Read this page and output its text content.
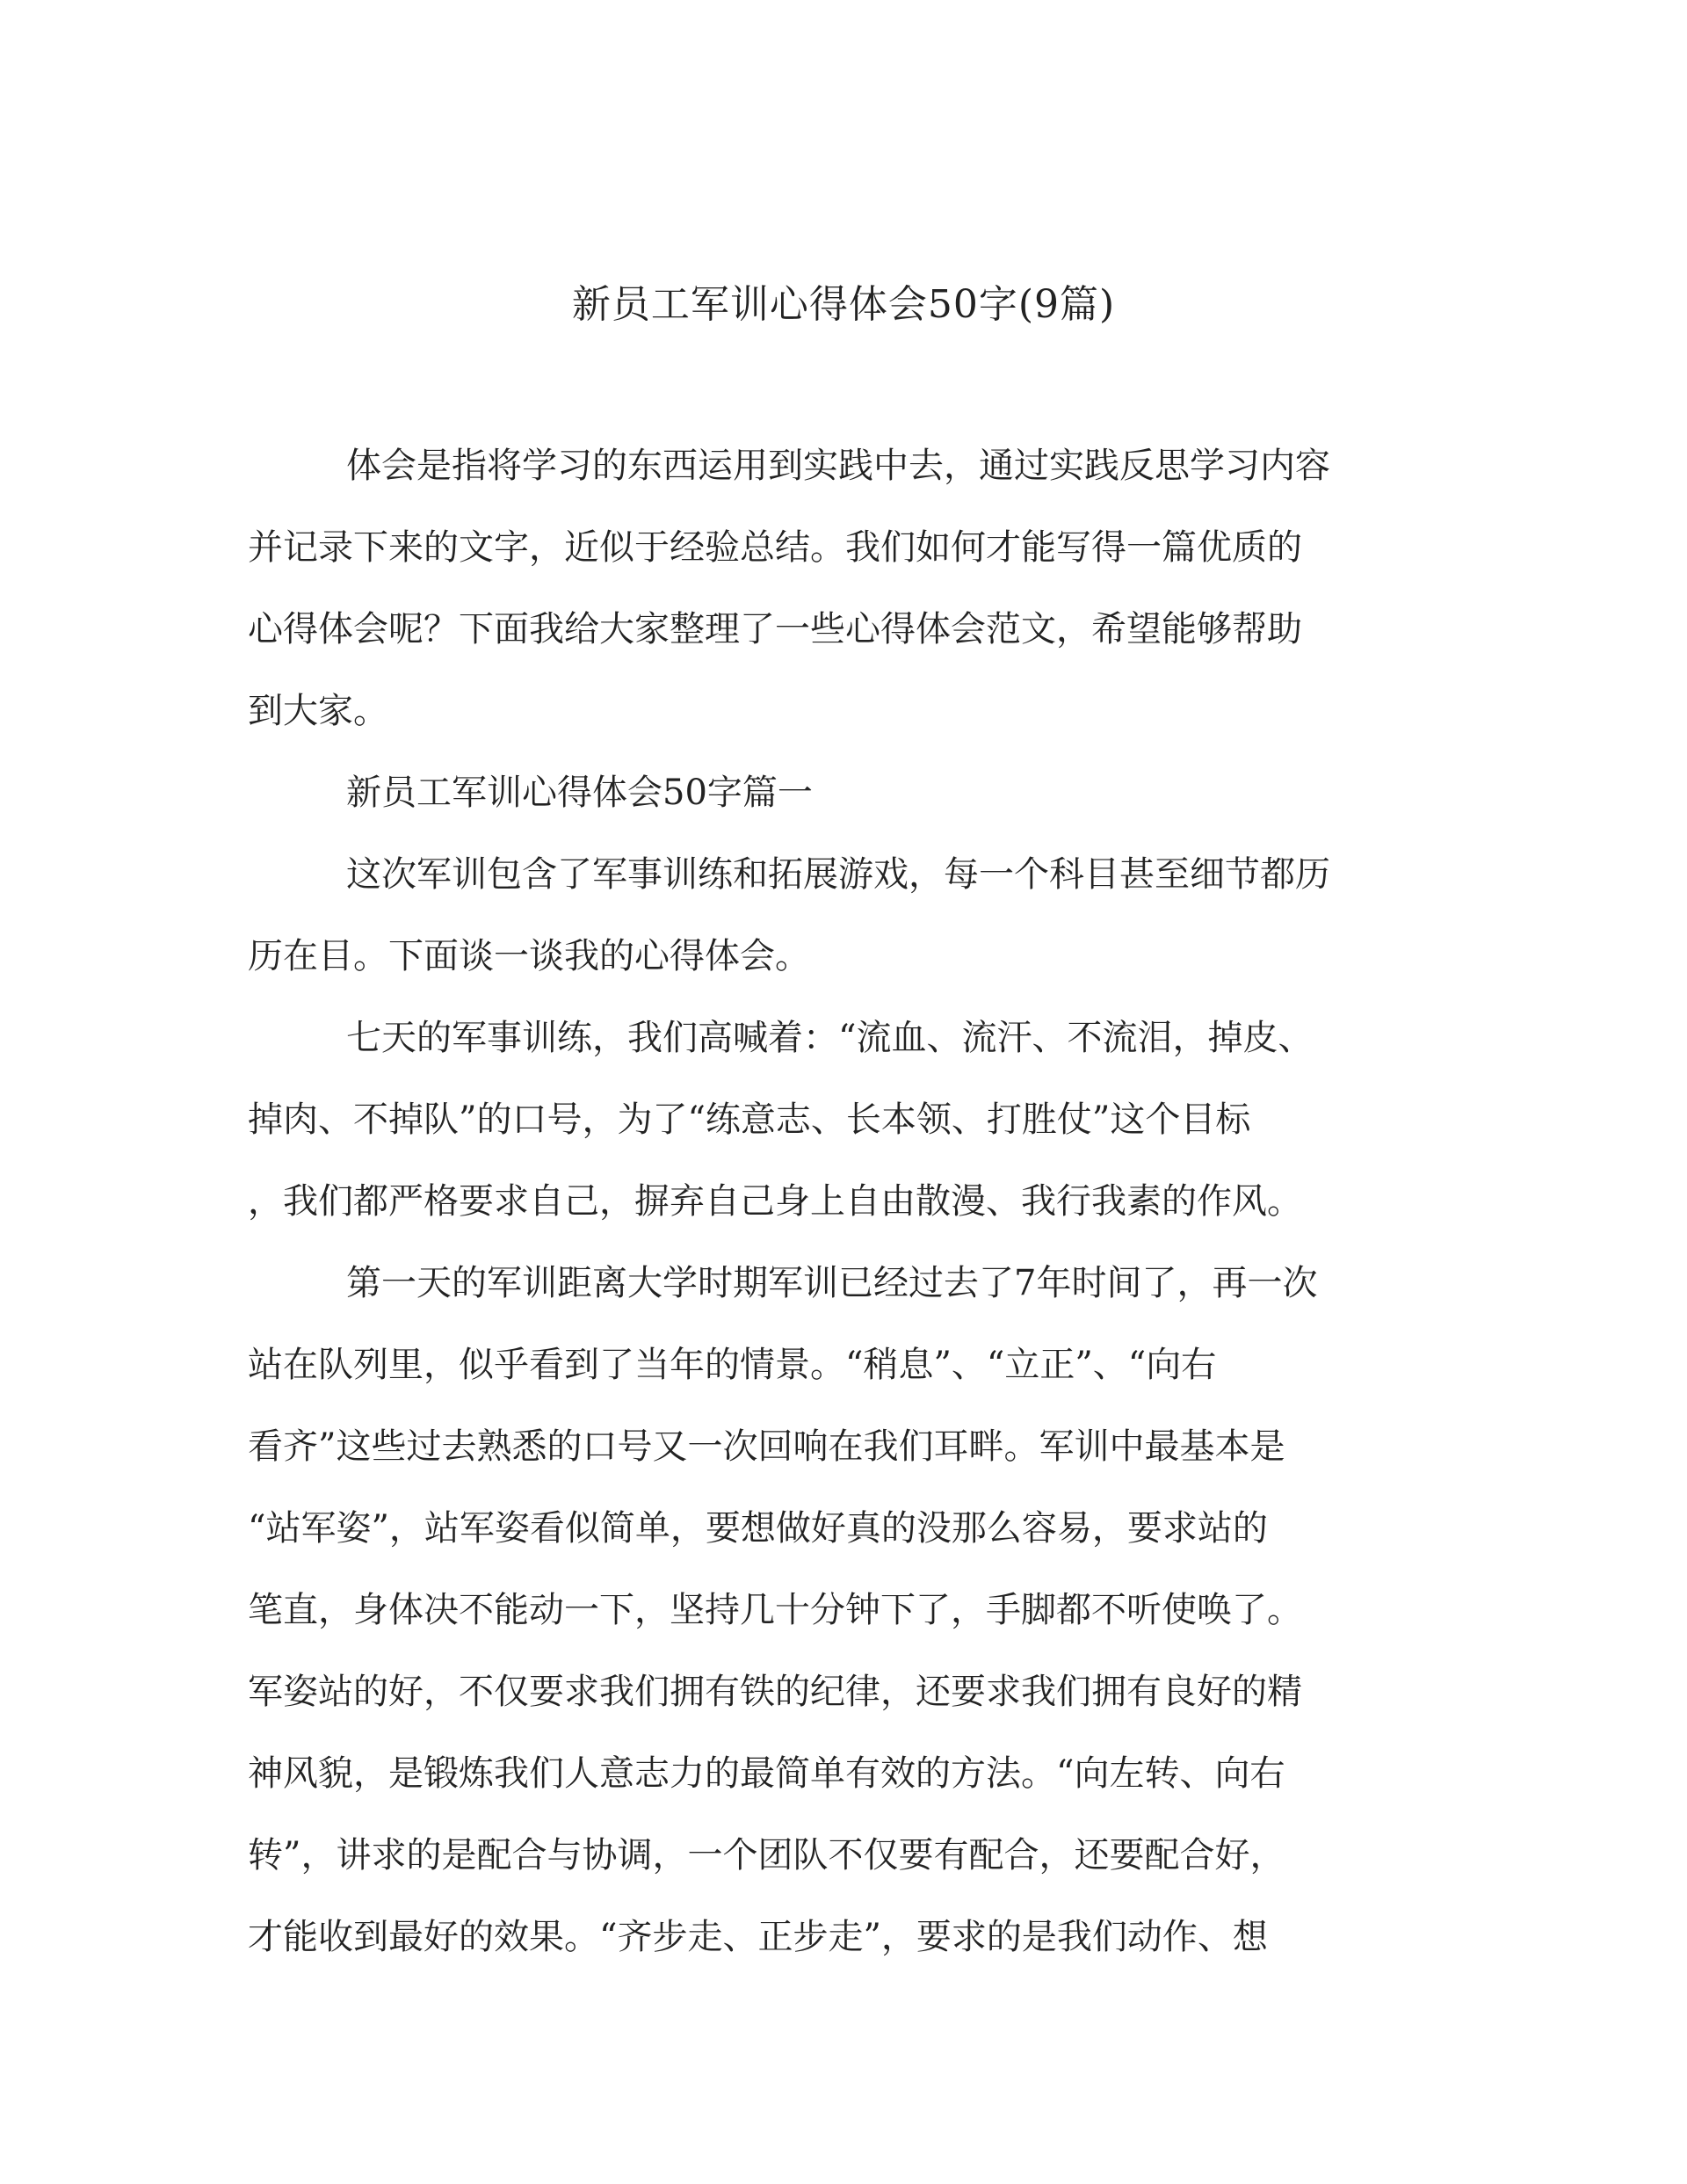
新员工军训心得体会50字(9篇)
体会是指将学习的东西运用到实践中去，通过实践反思学习内容
并记录下来的文字，近似于经验总结。我们如何才能写得一篇优质的
心得体会呢？下面我给大家整理了一些心得体会范文，希望能够帮助
到大家。
新员工军训心得体会50字篇一
这次军训包含了军事训练和拓展游戏，每一个科目甚至细节都历
历在目。下面谈一谈我的心得体会。
七天的军事训练，我们高喊着：“流血、流汗、不流泪，掉皮、
掉肉、不掉队”的口号，为了“练意志、长本领、打胜仗”这个目标
，我们都严格要求自己，摒弃自己身上自由散漫、我行我素的作风。
第一天的军训距离大学时期军训已经过去了7年时间了，再一次
站在队列里，似乎看到了当年的情景。“稍息”、“立正”、“向右
看齐”这些过去熟悉的口号又一次回响在我们耳畔。军训中最基本是
“站军姿”，站军姿看似简单，要想做好真的没那么容易，要求站的
笔直，身体决不能动一下，坚持几十分钟下了，手脚都不听使唤了。
军姿站的好，不仅要求我们拥有铁的纪律，还要求我们拥有良好的精
神风貌，是锻炼我们人意志力的最简单有效的方法。“向左转、向右
转”，讲求的是配合与协调，一个团队不仅要有配合，还要配合好，
才能收到最好的效果。“齐步走、正步走”，要求的是我们动作、想
